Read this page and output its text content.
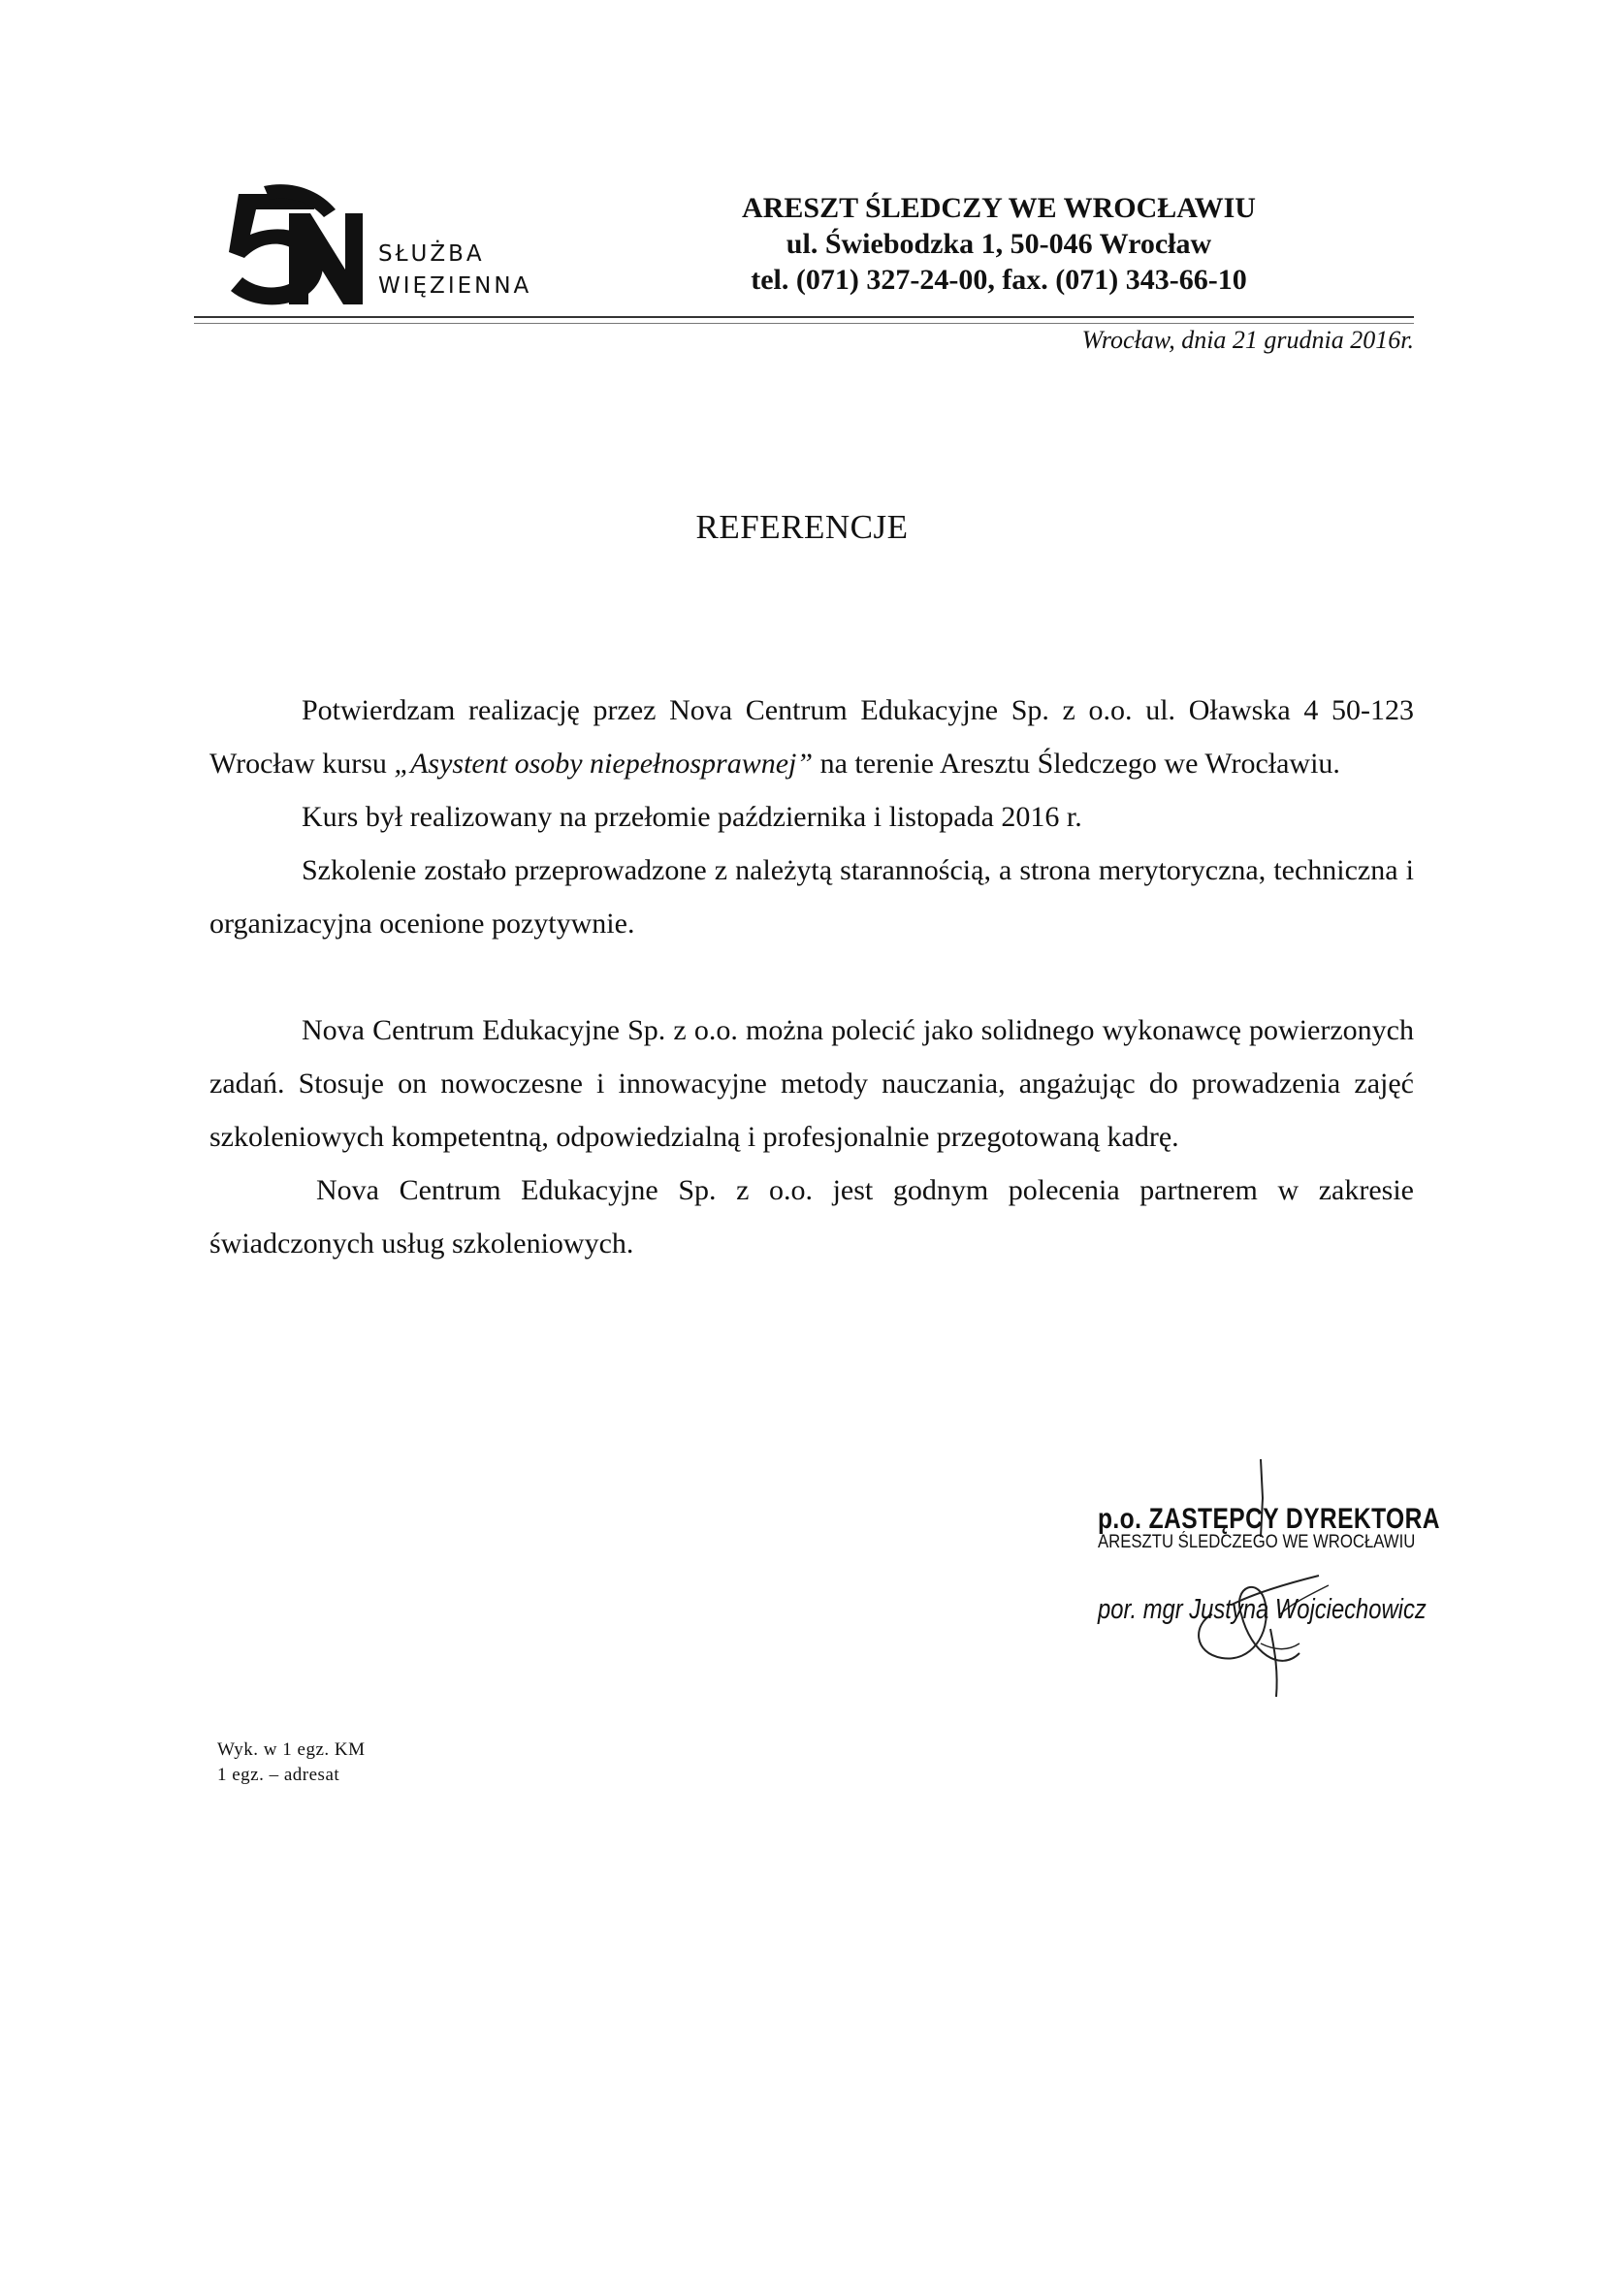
SŁUŻBA
WIĘZIENNA
ARESZT ŚLEDCZY WE WROCŁAWIU
ul. Świebodzka 1, 50-046 Wrocław
tel. (071) 327-24-00, fax. (071) 343-66-10
Wrocław, dnia 21 grudnia 2016r.
REFERENCJE

Potwierdzam realizację przez Nova Centrum Edukacyjne Sp. z o.o. ul. Oławska 4 50-123 Wrocław kursu „Asystent osoby niepełnosprawnej” na terenie Aresztu Śledczego we Wrocławiu.

Kurs był realizowany na przełomie października i listopada 2016 r.

Szkolenie zostało przeprowadzone z należytą starannością, a strona merytoryczna, techniczna i organizacyjna ocenione pozytywnie.

Nova Centrum Edukacyjne Sp. z o.o. można polecić jako solidnego wykonawcę powierzonych zadań. Stosuje on nowoczesne i innowacyjne metody nauczania, angażując do prowadzenia zajęć szkoleniowych kompetentną, odpowiedzialną i profesjonalnie przegotowaną kadrę.

Nova Centrum Edukacyjne Sp. z o.o. jest godnym polecenia partnerem w zakresie świadczonych usług szkoleniowych.

p.o. ZASTĘPCY DYREKTORA
ARESZTU ŚLEDCZEGO WE WROCŁAWIU
por. mgr Justyna Wojciechowicz
Wyk. w 1 egz. KM
1 egz. – adresat
